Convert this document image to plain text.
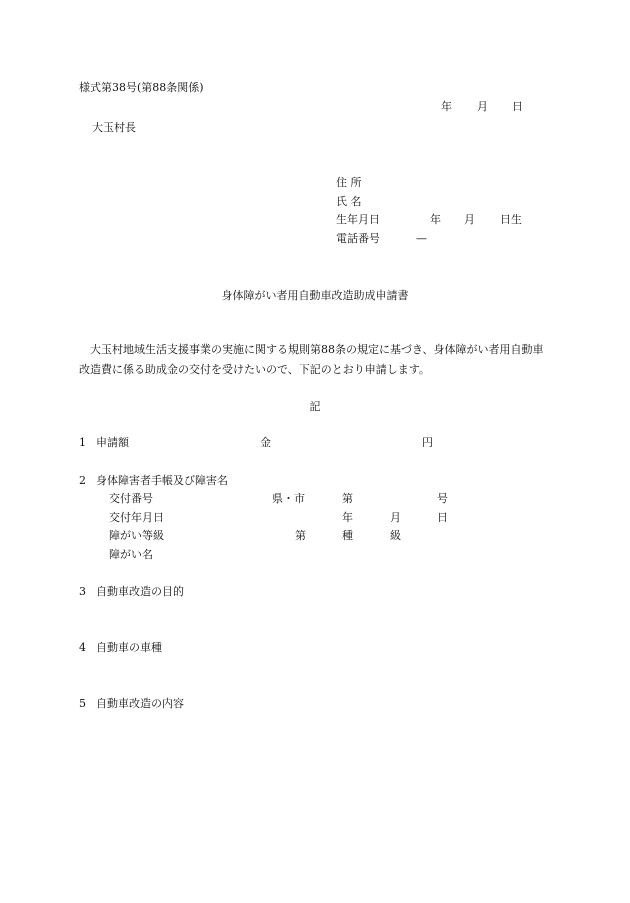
様式第38号(第88条関係)
年 月 日
大玉村長
住 所
氏 名
生年月日	年 月 日生
電話番号	—
身体障がい者用自動車改造助成申請書
大玉村地域生活支援事業の実施に関する規則第88条の規定に基づき、身体障がい者用自動車改造費に係る助成金の交付を受けたいので、下記のとおり申請します。
記
1 申請額	金	円
2 身体障害者手帳及び障害名
交付番号	県・市	第	号
交付年月日	年	月	日
障がい等級	第	種	級
障がい名
3 自動車改造の目的
4 自動車の車種
5 自動車改造の内容
